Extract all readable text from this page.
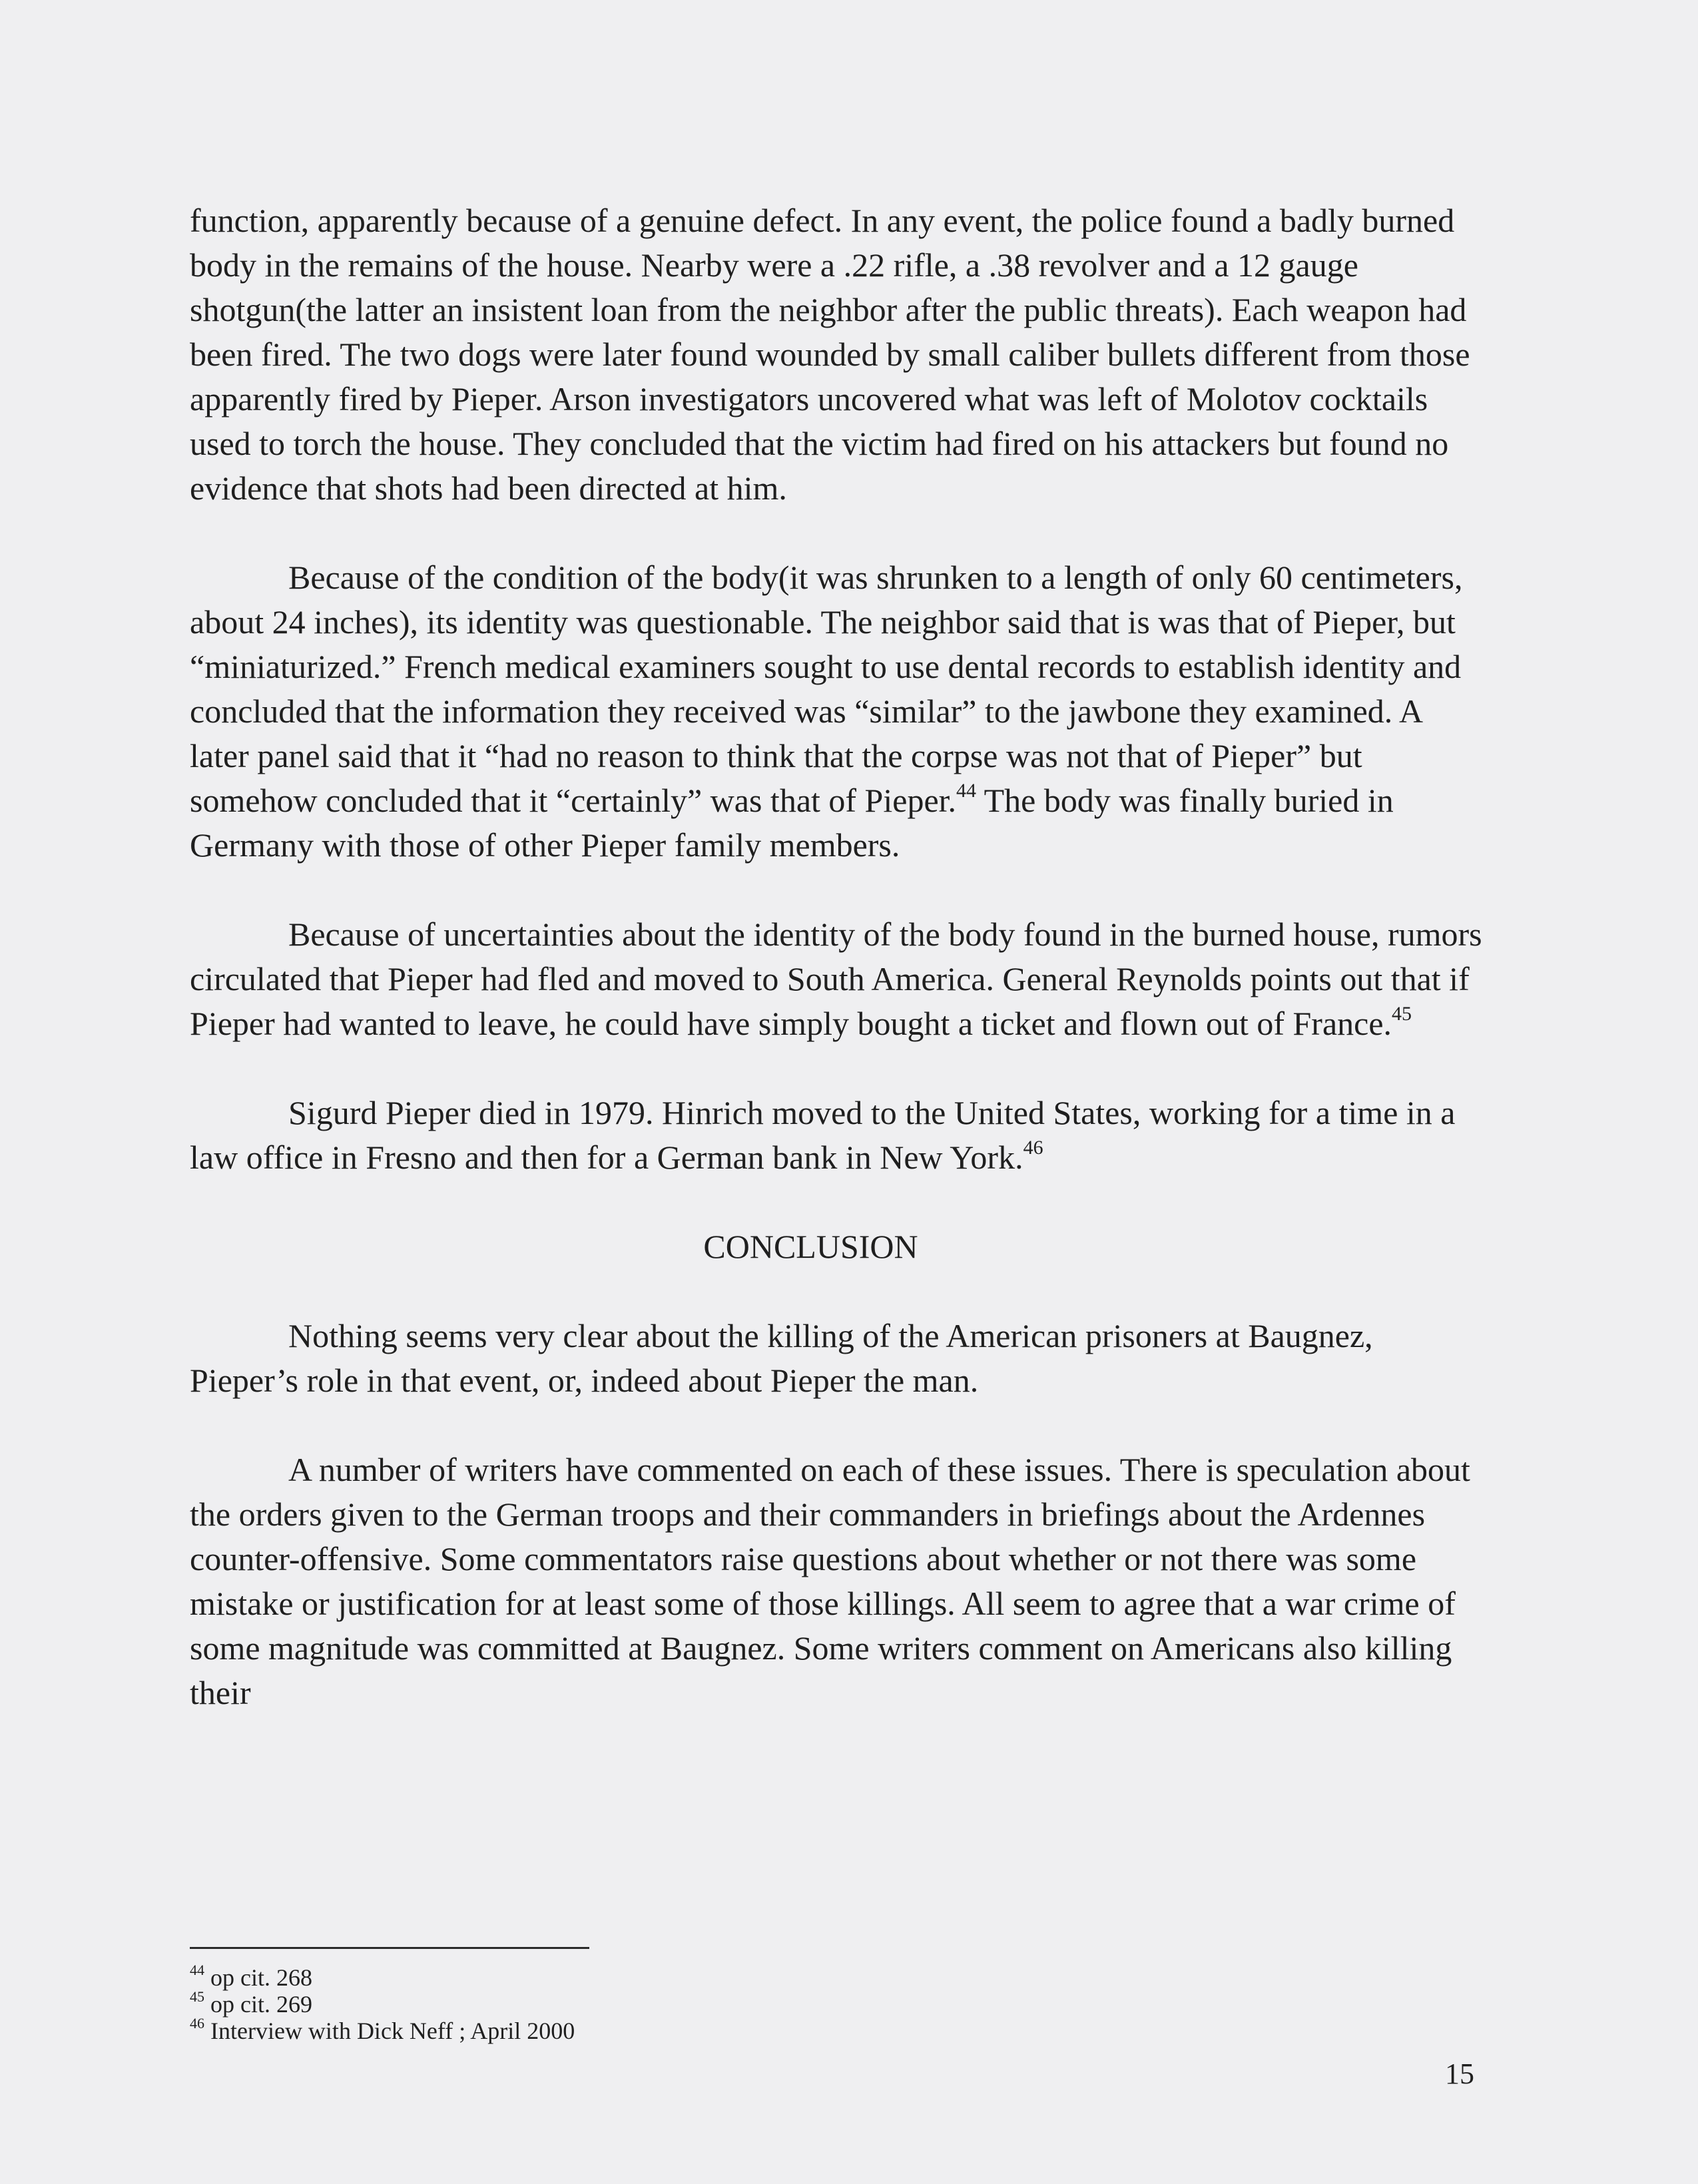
function, apparently because of a genuine defect. In any event, the police found a badly burned body in the remains of the house. Nearby were a .22 rifle, a .38 revolver and a 12 gauge shotgun(the latter an insistent loan from the neighbor after the public threats). Each weapon had been fired. The two dogs were later found wounded by small caliber bullets different from those apparently fired by Pieper. Arson investigators uncovered what was left of Molotov cocktails used to torch the house. They concluded that the victim had fired on his attackers but found no evidence that shots had been directed at him.

Because of the condition of the body(it was shrunken to a length of only 60 centimeters, about 24 inches), its identity was questionable. The neighbor said that is was that of Pieper, but “miniaturized.” French medical examiners sought to use dental records to establish identity and concluded that the information they received was “similar” to the jawbone they examined. A later panel said that it “had no reason to think that the corpse was not that of Pieper” but somehow concluded that it “certainly” was that of Pieper.$^{44}$ The body was finally buried in Germany with those of other Pieper family members.

Because of uncertainties about the identity of the body found in the burned house, rumors circulated that Pieper had fled and moved to South America. General Reynolds points out that if Pieper had wanted to leave, he could have simply bought a ticket and flown out of France.$^{45}$

Sigurd Pieper died in 1979. Hinrich moved to the United States, working for a time in a law office in Fresno and then for a German bank in New York.$^{46}$

CONCLUSION

Nothing seems very clear about the killing of the American prisoners at Baugnez, Pieper’s role in that event, or, indeed about Pieper the man.

A number of writers have commented on each of these issues. There is speculation about the orders given to the German troops and their commanders in briefings about the Ardennes counter-offensive. Some commentators raise questions about whether or not there was some mistake or justification for at least some of those killings. All seem to agree that a war crime of some magnitude was committed at Baugnez. Some writers comment on Americans also killing their

$^{44}$ op cit. 268

$^{45}$ op cit. 269

$^{46}$ Interview with Dick Neff ; April 2000

15
